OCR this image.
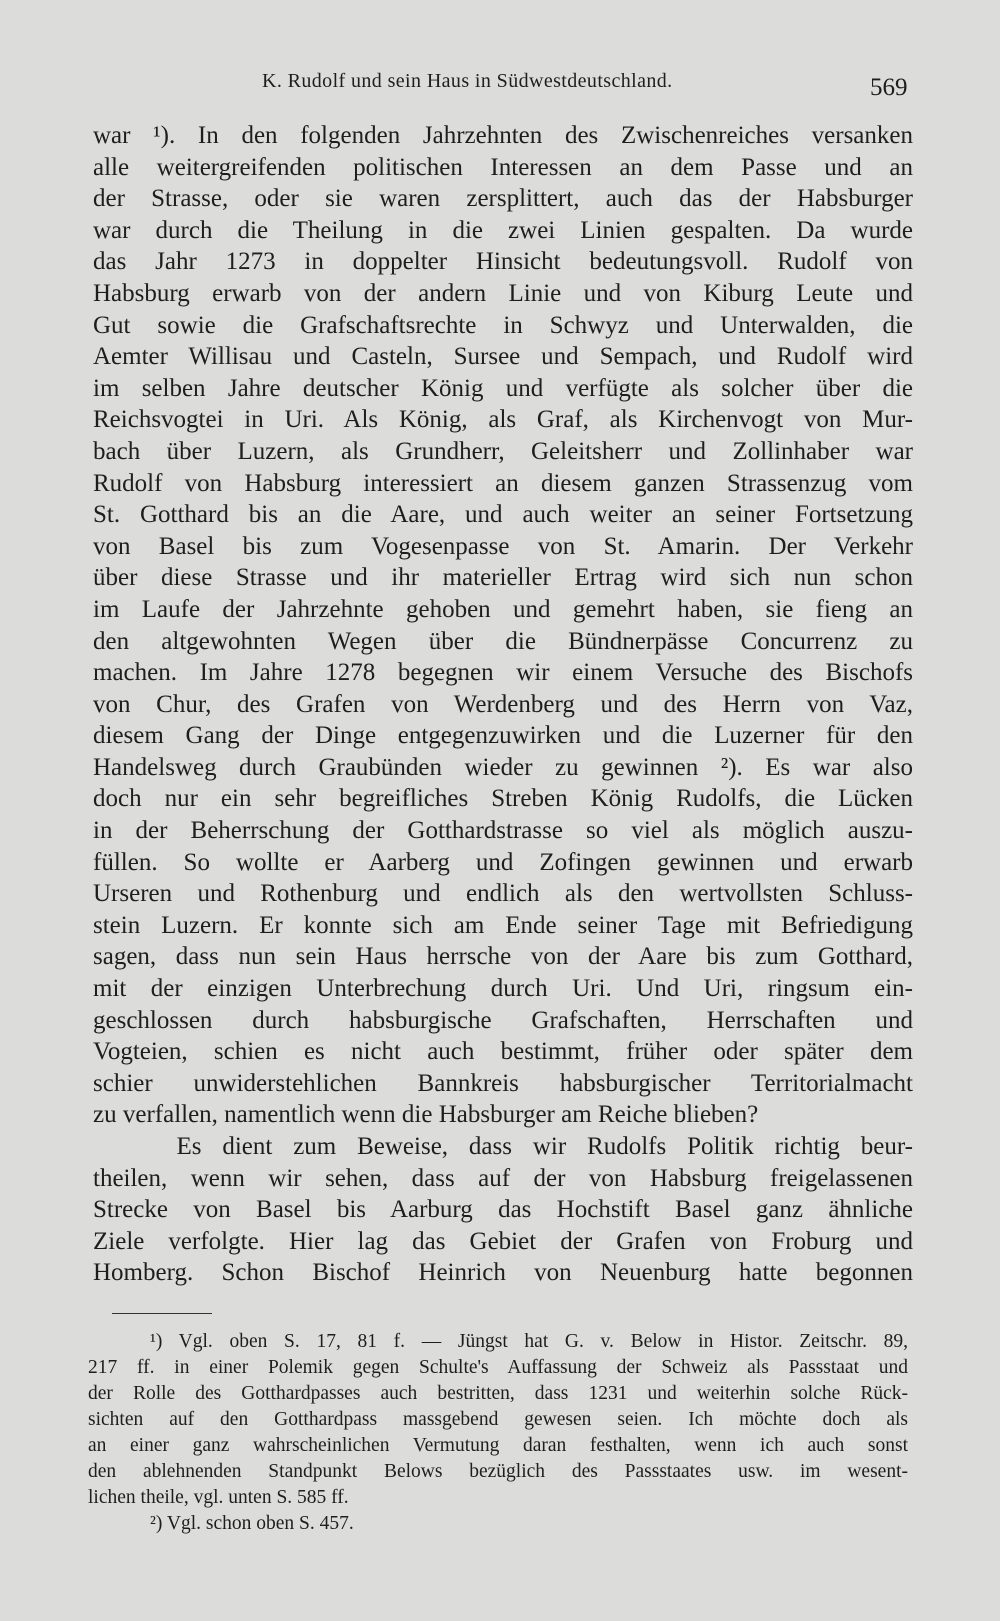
K. Rudolf und sein Haus in Südwestdeutschland.	569
war ¹). In den folgenden Jahrzehnten des Zwischenreiches versanken
alle weitergreifenden politischen Interessen an dem Passe und an
der Strasse, oder sie waren zersplittert, auch das der Habsburger
war durch die Theilung in die zwei Linien gespalten. Da wurde
das Jahr 1273 in doppelter Hinsicht bedeutungsvoll. Rudolf von
Habsburg erwarb von der andern Linie und von Kiburg Leute und
Gut sowie die Grafschaftsrechte in Schwyz und Unterwalden, die
Aemter Willisau und Casteln, Sursee und Sempach, und Rudolf wird
im selben Jahre deutscher König und verfügte als solcher über die
Reichsvogtei in Uri. Als König, als Graf, als Kirchenvogt von Mur-
bach über Luzern, als Grundherr, Geleitsherr und Zollinhaber war
Rudolf von Habsburg interessiert an diesem ganzen Strassenzug vom
St. Gotthard bis an die Aare, und auch weiter an seiner Fortsetzung
von Basel bis zum Vogesenpasse von St. Amarin. Der Verkehr
über diese Strasse und ihr materieller Ertrag wird sich nun schon
im Laufe der Jahrzehnte gehoben und gemehrt haben, sie fieng an
den altgewohnten Wegen über die Bündnerpässe Concurrenz zu
machen. Im Jahre 1278 begegnen wir einem Versuche des Bischofs
von Chur, des Grafen von Werdenberg und des Herrn von Vaz,
diesem Gang der Dinge entgegenzuwirken und die Luzerner für den
Handelsweg durch Graubünden wieder zu gewinnen ²). Es war also
doch nur ein sehr begreifliches Streben König Rudolfs, die Lücken
in der Beherrschung der Gotthardstrasse so viel als möglich auszu-
füllen. So wollte er Aarberg und Zofingen gewinnen und erwarb
Urseren und Rothenburg und endlich als den wertvollsten Schluss-
stein Luzern. Er konnte sich am Ende seiner Tage mit Befriedigung
sagen, dass nun sein Haus herrsche von der Aare bis zum Gotthard,
mit der einzigen Unterbrechung durch Uri. Und Uri, ringsum ein-
geschlossen durch habsburgische Grafschaften, Herrschaften und
Vogteien, schien es nicht auch bestimmt, früher oder später dem
schier unwiderstehlichen Bannkreis habsburgischer Territorialmacht
zu verfallen, namentlich wenn die Habsburger am Reiche blieben?
Es dient zum Beweise, dass wir Rudolfs Politik richtig beur-
theilen, wenn wir sehen, dass auf der von Habsburg freigelassenen
Strecke von Basel bis Aarburg das Hochstift Basel ganz ähnliche
Ziele verfolgte. Hier lag das Gebiet der Grafen von Froburg und
Homberg. Schon Bischof Heinrich von Neuenburg hatte begonnen
¹) Vgl. oben S. 17, 81 f. — Jüngst hat G. v. Below in Histor. Zeitschr. 89,
217 ff. in einer Polemik gegen Schulte's Auffassung der Schweiz als Passstaat und
der Rolle des Gotthardpasses auch bestritten, dass 1231 und weiterhin solche Rück-
sichten auf den Gotthardpass massgebend gewesen seien. Ich möchte doch als
an einer ganz wahrscheinlichen Vermutung daran festhalten, wenn ich auch sonst
den ablehnenden Standpunkt Belows bezüglich des Passstaates usw. im wesent-
lichen theile, vgl. unten S. 585 ff.
²) Vgl. schon oben S. 457.
